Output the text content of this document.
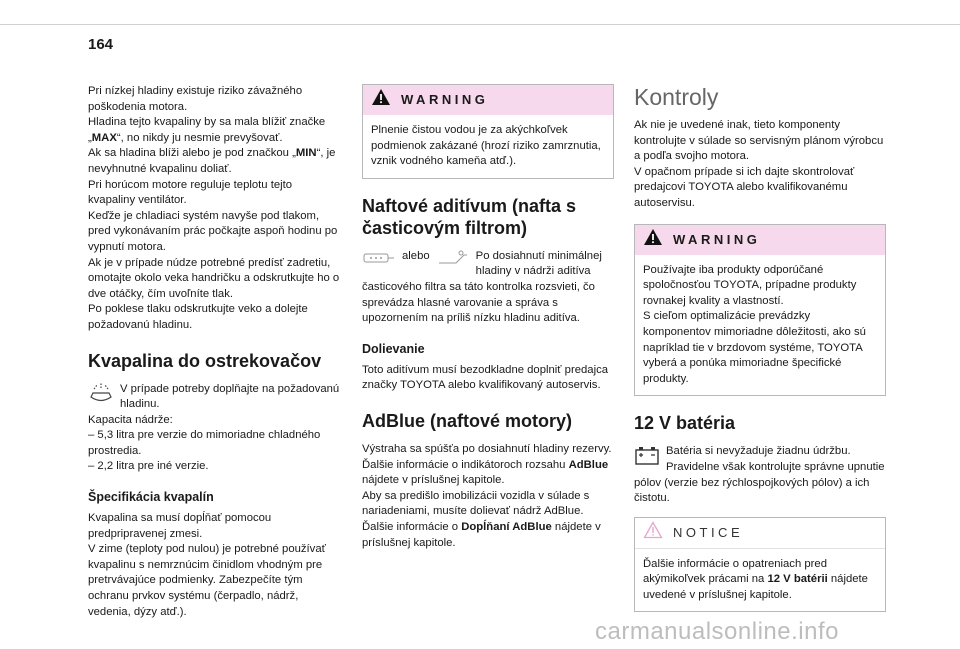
164

Pri nízkej hladiny existuje riziko závažného poškodenia motora.

Hladina tejto kvapaliny by sa mala blížiť značke „MAX“, no nikdy ju nesmie prevyšovať.

Ak sa hladina blíži alebo je pod značkou „MIN“, je nevyhnutné kvapalinu doliať.

Pri horúcom motore reguluje teplotu tejto kvapaliny ventilátor.

Keďže je chladiaci systém navyše pod tlakom, pred vykonávaním prác počkajte aspoň hodinu po vypnutí motora.

Ak je v prípade núdze potrebné predísť zadretiu, omotajte okolo veka handričku a odskrutkujte ho o dve otáčky, čím uvoľníte tlak.

Po poklese tlaku odskrutkujte veko a dolejte požadovanú hladinu.

Kvapalina do ostrekovačov

V prípade potreby doplňajte na požadovanú hladinu.

Kapacita nádrže:

– 5,3 litra pre verzie do mimoriadne chladného prostredia.

– 2,2 litra pre iné verzie.

Špecifikácia kvapalín

Kvapalina sa musí dopĺňať pomocou predpripravenej zmesi.

V zime (teploty pod nulou) je potrebné používať kvapalinu s nemrznúcim činidlom vhodným pre pretrvávajúce podmienky. Zabezpečíte tým ochranu prvkov systému (čerpadlo, nádrž, vedenia, dýzy atď.).

WARNING
Plnenie čistou vodou je za akýchkoľvek podmienok zakázané (hrozí riziko zamrznutia, vznik vodného kameňa atď.).
Naftové aditívum (nafta s časticovým filtrom)
alebo	Po dosiahnutí minimálnej hladiny v nádrži aditíva časticového filtra sa táto kontrolka rozsvieti, čo sprevádza hlasné varovanie a správa s upozornením na príliš nízku hladinu aditíva.

Dolievanie

Toto aditívum musí bezodkladne doplniť predajca značky TOYOTA alebo kvalifikovaný autoservis.

AdBlue (naftové motory)

Výstraha sa spúšťa po dosiahnutí hladiny rezervy.

Ďalšie informácie o indikátoroch rozsahu AdBlue nájdete v príslušnej kapitole.

Aby sa predišlo imobilizácii vozidla v súlade s nariadeniami, musíte dolievať nádrž AdBlue.

Ďalšie informácie o Dopĺňaní AdBlue nájdete v príslušnej kapitole.

Kontroly

Ak nie je uvedené inak, tieto komponenty kontrolujte v súlade so servisným plánom výrobcu a podľa svojho motora.

V opačnom prípade si ich dajte skontrolovať predajcovi TOYOTA alebo kvalifikovanému autoservisu.

WARNING

Používajte iba produkty odporúčané spoločnosťou TOYOTA, prípadne produkty rovnakej kvality a vlastností.

S cieľom optimalizácie prevádzky komponentov mimoriadne dôležitosti, ako sú napríklad tie v brzdovom systéme, TOYOTA vyberá a ponúka mimoriadne špecifické produkty.

12 V batéria

Batéria si nevyžaduje žiadnu údržbu. Pravidelne však kontrolujte správne upnutie pólov (verzie bez rýchlospojkových pólov) a ich čistotu.

NOTICE
Ďalšie informácie o opatreniach pred akýmikoľvek prácami na 12 V batérii nájdete uvedené v príslušnej kapitole.
carmanualsonline.info
